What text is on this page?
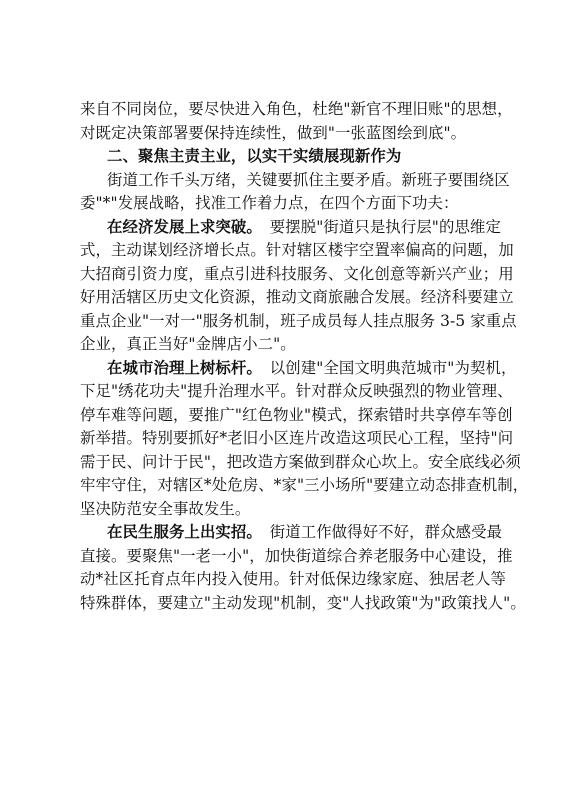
来自不同岗位，要尽快进入角色，杜绝"新官不理旧账"的思想，
对既定决策部署要保持连续性，做到"一张蓝图绘到底"。
二、聚焦主责主业，以实干实绩展现新作为
街道工作千头万绪，关键要抓住主要矛盾。新班子要围绕区
委"*"发展战略，找准工作着力点，在四个方面下功夫：
在经济发展上求突破。　 要摆脱"街道只是执行层"的思维定
式，主动谋划经济增长点。针对辖区楼宇空置率偏高的问题，加
大招商引资力度，重点引进科技服务、文化创意等新兴产业；用
好用活辖区历史文化资源，推动文商旅融合发展。经济科要建立
重点企业"一对一"服务机制，班子成员每人挂点服务 3-5 家重点
企业，真正当好"金牌店小二"。
在城市治理上树标杆。　 以创建"全国文明典范城市"为契机，
下足"绣花功夫"提升治理水平。针对群众反映强烈的物业管理、
停车难等问题，要推广"红色物业"模式，探索错时共享停车等创
新举措。特别要抓好*老旧小区连片改造这项民心工程，坚持"问
需于民、问计于民"，把改造方案做到群众心坎上。安全底线必须
牢牢守住，对辖区*处危房、*家"三小场所"要建立动态排查机制，
坚决防范安全事故发生。
在民生服务上出实招。　 街道工作做得好不好，群众感受最
直接。要聚焦"一老一小"，加快街道综合养老服务中心建设，推
动*社区托育点年内投入使用。针对低保边缘家庭、独居老人等
特殊群体，要建立"主动发现"机制，变"人找政策"为"政策找人"。
